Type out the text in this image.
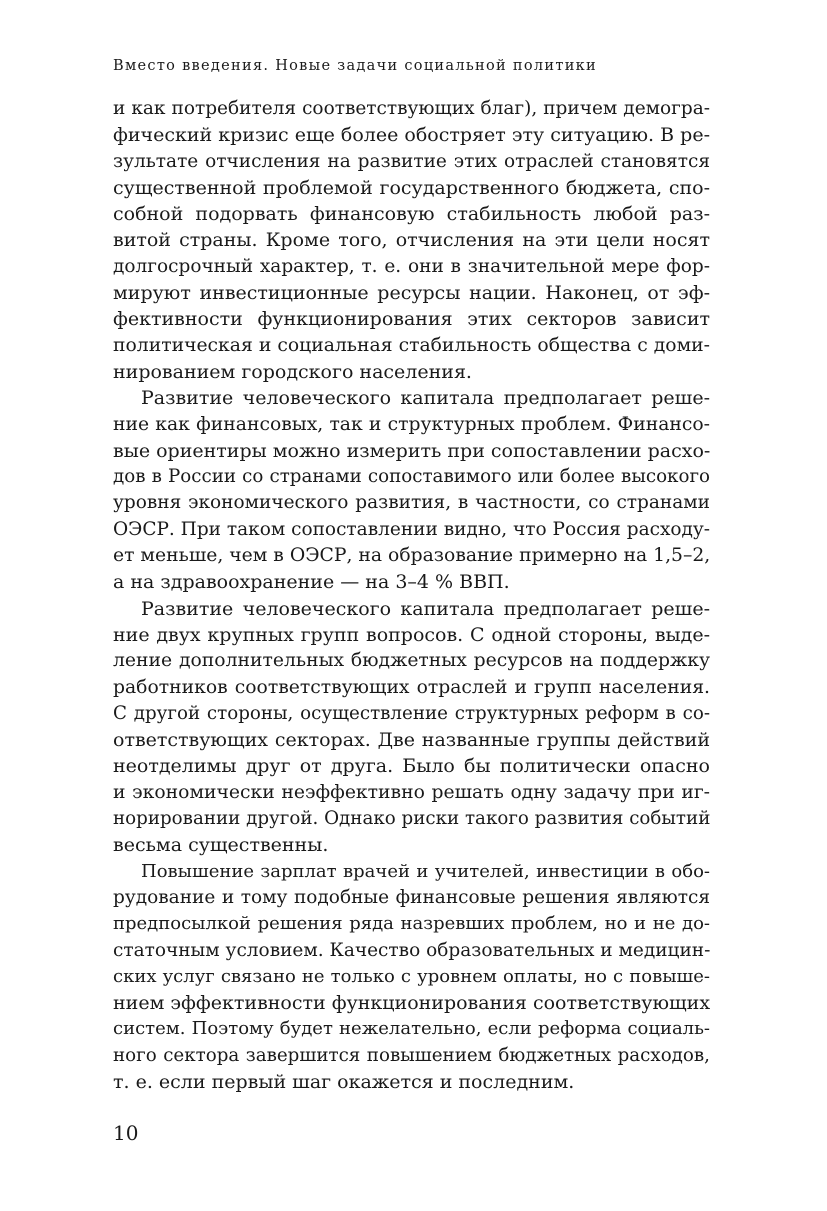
Вместо введения. Новые задачи социальной политики
и как потребителя соответствующих благ), причем демогра-
фический кризис еще более обостряет эту ситуацию. В ре-
зультате отчисления на развитие этих отраслей становятся
существенной проблемой государственного бюджета, спо-
собной подорвать финансовую стабильность любой раз-
витой страны. Кроме того, отчисления на эти цели носят
долгосрочный характер, т. е. они в значительной мере фор-
мируют инвестиционные ресурсы нации. Наконец, от эф-
фективности функционирования этих секторов зависит
политическая и социальная стабильность общества с доми-
нированием городского населения.
Развитие человеческого капитала предполагает реше-
ние как финансовых, так и структурных проблем. Финансо-
вые ориентиры можно измерить при сопоставлении расхо-
дов в России со странами сопоставимого или более высокого
уровня экономического развития, в частности, со странами
ОЭСР. При таком сопоставлении видно, что Россия расходу-
ет меньше, чем в ОЭСР, на образование примерно на 1,5–2,
а на здравоохранение — на 3–4 % ВВП.
Развитие человеческого капитала предполагает реше-
ние двух крупных групп вопросов. С одной стороны, выде-
ление дополнительных бюджетных ресурсов на поддержку
работников соответствующих отраслей и групп населения.
С другой стороны, осуществление структурных реформ в со-
ответствующих секторах. Две названные группы действий
неотделимы друг от друга. Было бы политически опасно
и экономически неэффективно решать одну задачу при иг-
норировании другой. Однако риски такого развития событий
весьма существенны.
Повышение зарплат врачей и учителей, инвестиции в обо-
рудование и тому подобные финансовые решения являются
предпосылкой решения ряда назревших проблем, но и не до-
статочным условием. Качество образовательных и медицин-
ских услуг связано не только с уровнем оплаты, но с повыше-
нием эффективности функционирования соответствующих
систем. Поэтому будет нежелательно, если реформа социаль-
ного сектора завершится повышением бюджетных расходов,
т. е. если первый шаг окажется и последним.
10
